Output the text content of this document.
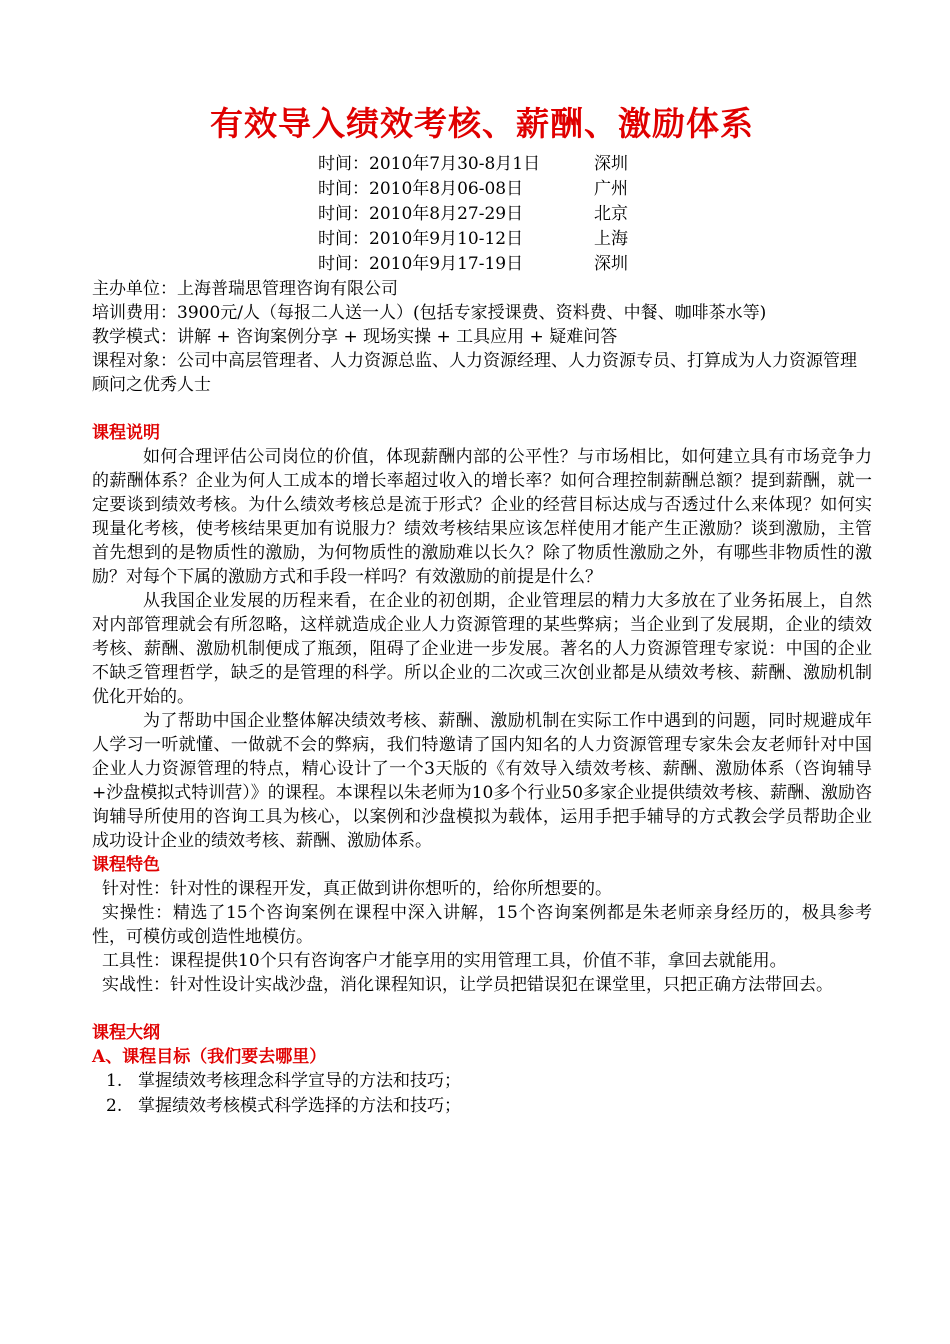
有效导入绩效考核、薪酬、激励体系
时间：2010年7月30-8月1日	深圳
时间：2010年8月06-08日	广州
时间：2010年8月27-29日	北京
时间：2010年9月10-12日	上海
时间：2010年9月17-19日	深圳
主办单位：上海普瑞思管理咨询有限公司
培训费用：3900元/人（每报二人送一人）(包括专家授课费、资料费、中餐、咖啡茶水等)
教学模式：讲解 + 咨询案例分享 + 现场实操 + 工具应用 + 疑难问答
课程对象：公司中高层管理者、人力资源总监、人力资源经理、人力资源专员、打算成为人力资源管理顾问之优秀人士
课程说明

如何合理评估公司岗位的价值，体现薪酬内部的公平性？与市场相比，如何建立具有市场竞争力的薪酬体系？企业为何人工成本的增长率超过收入的增长率？如何合理控制薪酬总额？提到薪酬，就一定要谈到绩效考核。为什么绩效考核总是流于形式？企业的经营目标达成与否透过什么来体现？如何实现量化考核，使考核结果更加有说服力？绩效考核结果应该怎样使用才能产生正激励？谈到激励，主管首先想到的是物质性的激励，为何物质性的激励难以长久？除了物质性激励之外，有哪些非物质性的激励？对每个下属的激励方式和手段一样吗？有效激励的前提是什么？

从我国企业发展的历程来看，在企业的初创期，企业管理层的精力大多放在了业务拓展上，自然对内部管理就会有所忽略，这样就造成企业人力资源管理的某些弊病；当企业到了发展期，企业的绩效考核、薪酬、激励机制便成了瓶颈，阻碍了企业进一步发展。著名的人力资源管理专家说：中国的企业不缺乏管理哲学，缺乏的是管理的科学。所以企业的二次或三次创业都是从绩效考核、薪酬、激励机制优化开始的。

为了帮助中国企业整体解决绩效考核、薪酬、激励机制在实际工作中遇到的问题，同时规避成年人学习一听就懂、一做就不会的弊病，我们特邀请了国内知名的人力资源管理专家朱会友老师针对中国企业人力资源管理的特点，精心设计了一个3天版的《有效导入绩效考核、薪酬、激励体系（咨询辅导+沙盘模拟式特训营）》的课程。本课程以朱老师为10多个行业50多家企业提供绩效考核、薪酬、激励咨询辅导所使用的咨询工具为核心，以案例和沙盘模拟为载体，运用手把手辅导的方式教会学员帮助企业成功设计企业的绩效考核、薪酬、激励体系。

课程特色

针对性：针对性的课程开发，真正做到讲你想听的，给你所想要的。

实操性：精选了15个咨询案例在课程中深入讲解，15个咨询案例都是朱老师亲身经历的，极具参考性，可模仿或创造性地模仿。

工具性：课程提供10个只有咨询客户才能享用的实用管理工具，价值不菲，拿回去就能用。

实战性：针对性设计实战沙盘，消化课程知识，让学员把错误犯在课堂里，只把正确方法带回去。

课程大纲
A、课程目标（我们要去哪里）
1. 掌握绩效考核理念科学宣导的方法和技巧；
2. 掌握绩效考核模式科学选择的方法和技巧；
